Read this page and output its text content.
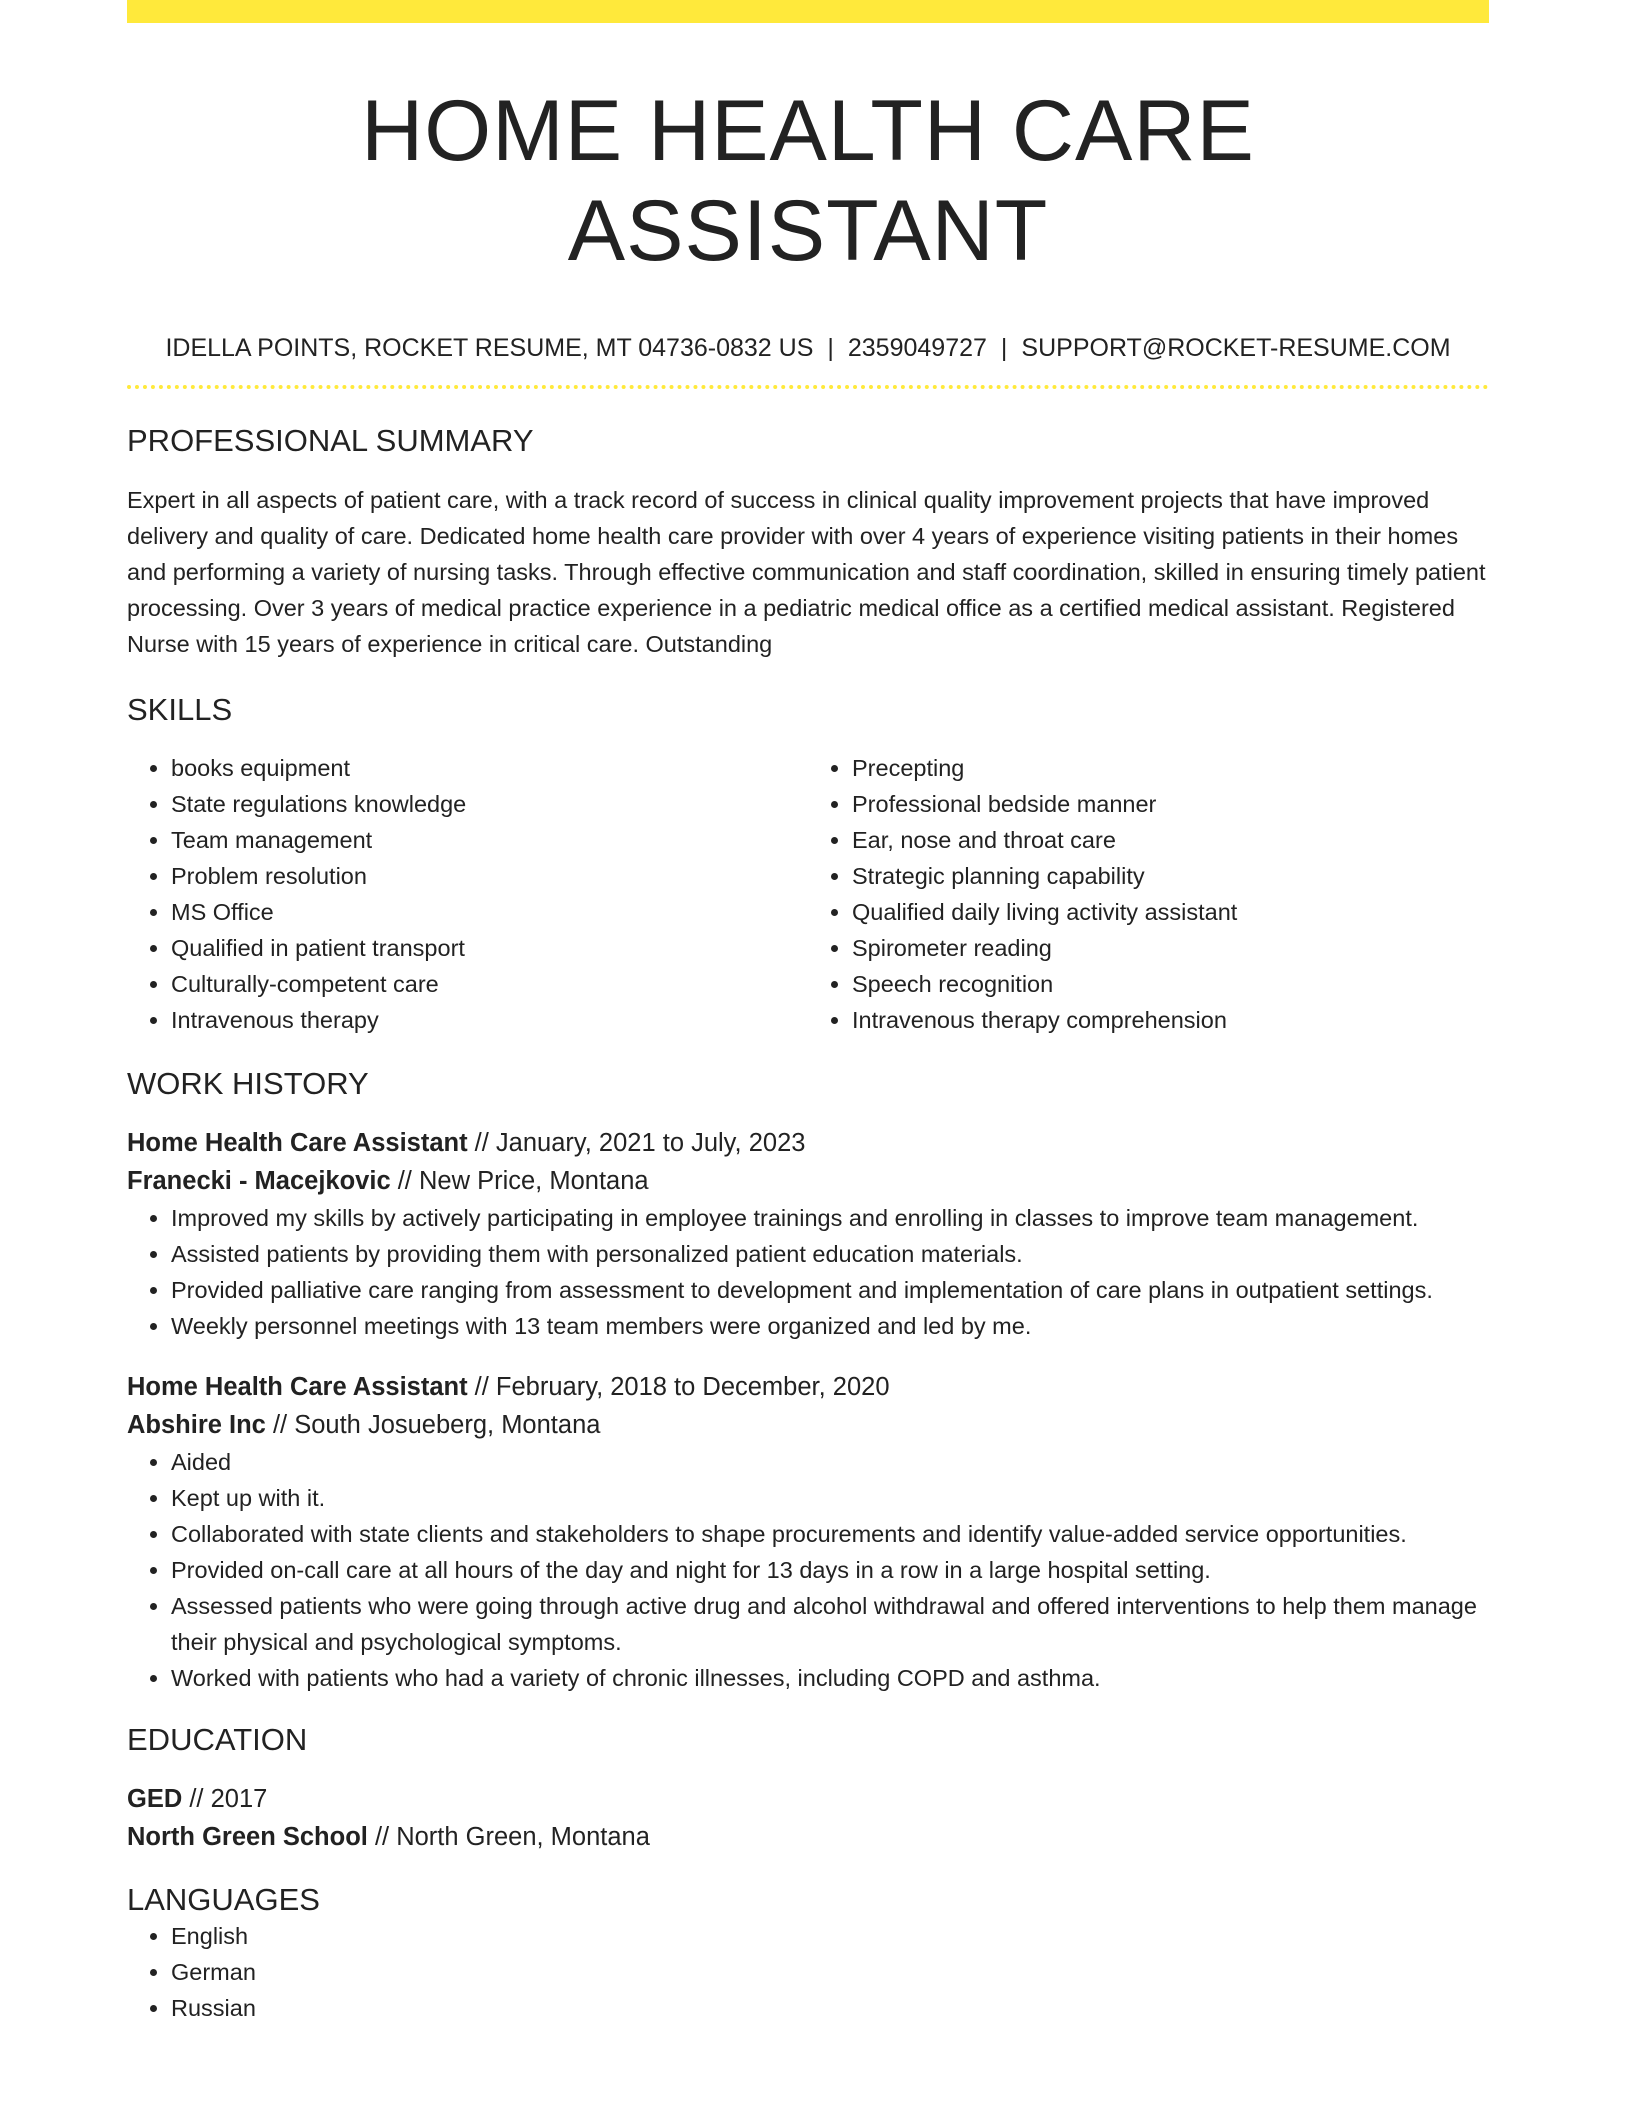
HOME HEALTH CARE ASSISTANT
IDELLA POINTS, ROCKET RESUME, MT 04736-0832 US | 2359049727 | SUPPORT@ROCKET-RESUME.COM
PROFESSIONAL SUMMARY
Expert in all aspects of patient care, with a track record of success in clinical quality improvement projects that have improved delivery and quality of care. Dedicated home health care provider with over 4 years of experience visiting patients in their homes and performing a variety of nursing tasks. Through effective communication and staff coordination, skilled in ensuring timely patient processing. Over 3 years of medical practice experience in a pediatric medical office as a certified medical assistant. Registered Nurse with 15 years of experience in critical care. Outstanding
SKILLS
• books equipment
• State regulations knowledge
• Team management
• Problem resolution
• MS Office
• Qualified in patient transport
• Culturally-competent care
• Intravenous therapy
• Precepting
• Professional bedside manner
• Ear, nose and throat care
• Strategic planning capability
• Qualified daily living activity assistant
• Spirometer reading
• Speech recognition
• Intravenous therapy comprehension
WORK HISTORY
Home Health Care Assistant // January, 2021 to July, 2023
Franecki - Macejkovic // New Price, Montana
• Improved my skills by actively participating in employee trainings and enrolling in classes to improve team management.
• Assisted patients by providing them with personalized patient education materials.
• Provided palliative care ranging from assessment to development and implementation of care plans in outpatient settings.
• Weekly personnel meetings with 13 team members were organized and led by me.
Home Health Care Assistant // February, 2018 to December, 2020
Abshire Inc // South Josueberg, Montana
• Aided
• Kept up with it.
• Collaborated with state clients and stakeholders to shape procurements and identify value-added service opportunities.
• Provided on-call care at all hours of the day and night for 13 days in a row in a large hospital setting.
• Assessed patients who were going through active drug and alcohol withdrawal and offered interventions to help them manage their physical and psychological symptoms.
• Worked with patients who had a variety of chronic illnesses, including COPD and asthma.
EDUCATION
GED // 2017
North Green School // North Green, Montana
LANGUAGES
• English
• German
• Russian
